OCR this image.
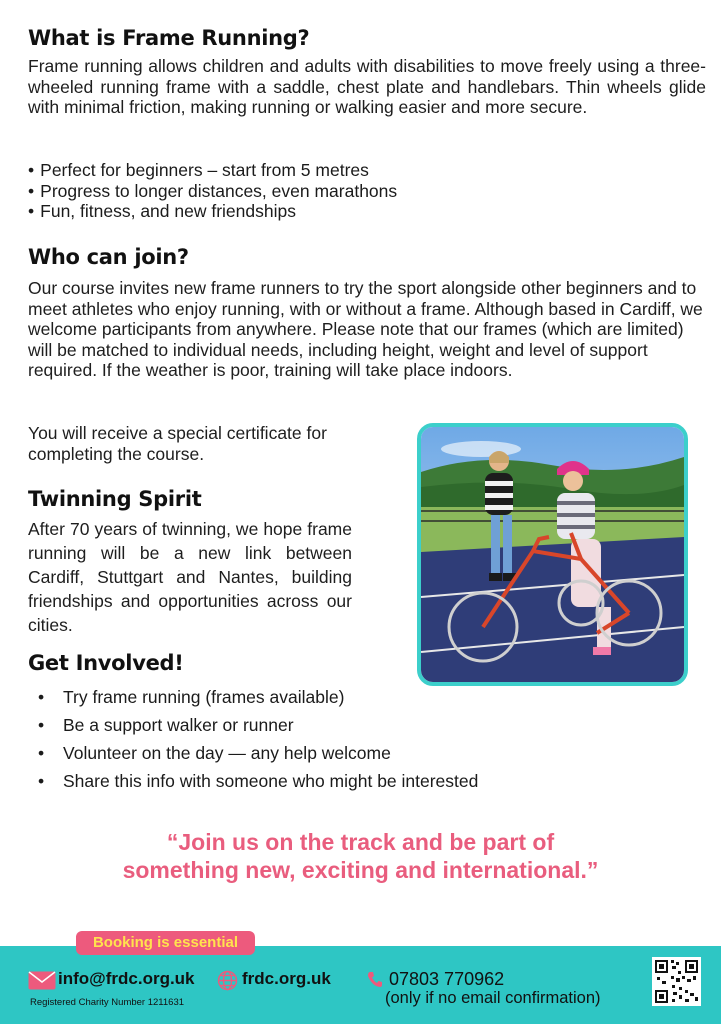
What is Frame Running?

Frame running allows children and adults with disabilities to move freely using a three-wheeled running frame with a saddle, chest plate and handlebars. Thin wheels glide with minimal friction, making running or walking easier and more secure.

• Perfect for beginners – start from 5 metres
• Progress to longer distances, even marathons
• Fun, fitness, and new friendships
Who can join?

Our course invites new frame runners to try the sport alongside other beginners and to meet athletes who enjoy running, with or without a frame. Although based in Cardiff, we welcome participants from anywhere. Please note that our frames (which are limited) will be matched to individual needs, including height, weight and level of support required. If the weather is poor, training will take place indoors.

You will receive a special certificate for completing the course.

Twinning Spirit

After 70 years of twinning, we hope frame running will be a new link between Cardiff, Stuttgart and Nantes, building friendships and opportunities across our cities.

Get Involved!
• Try frame running (frames available)
• Be a support walker or runner
• Volunteer on the day — any help welcome
• Share this info with someone who might be interested
“Join us on the track and be part of
something new, exciting and international.”
Booking is essential
info@frdc.org.uk	frdc.org.uk	07803 770962
(only if no email confirmation)
Registered Charity Number 1211631
